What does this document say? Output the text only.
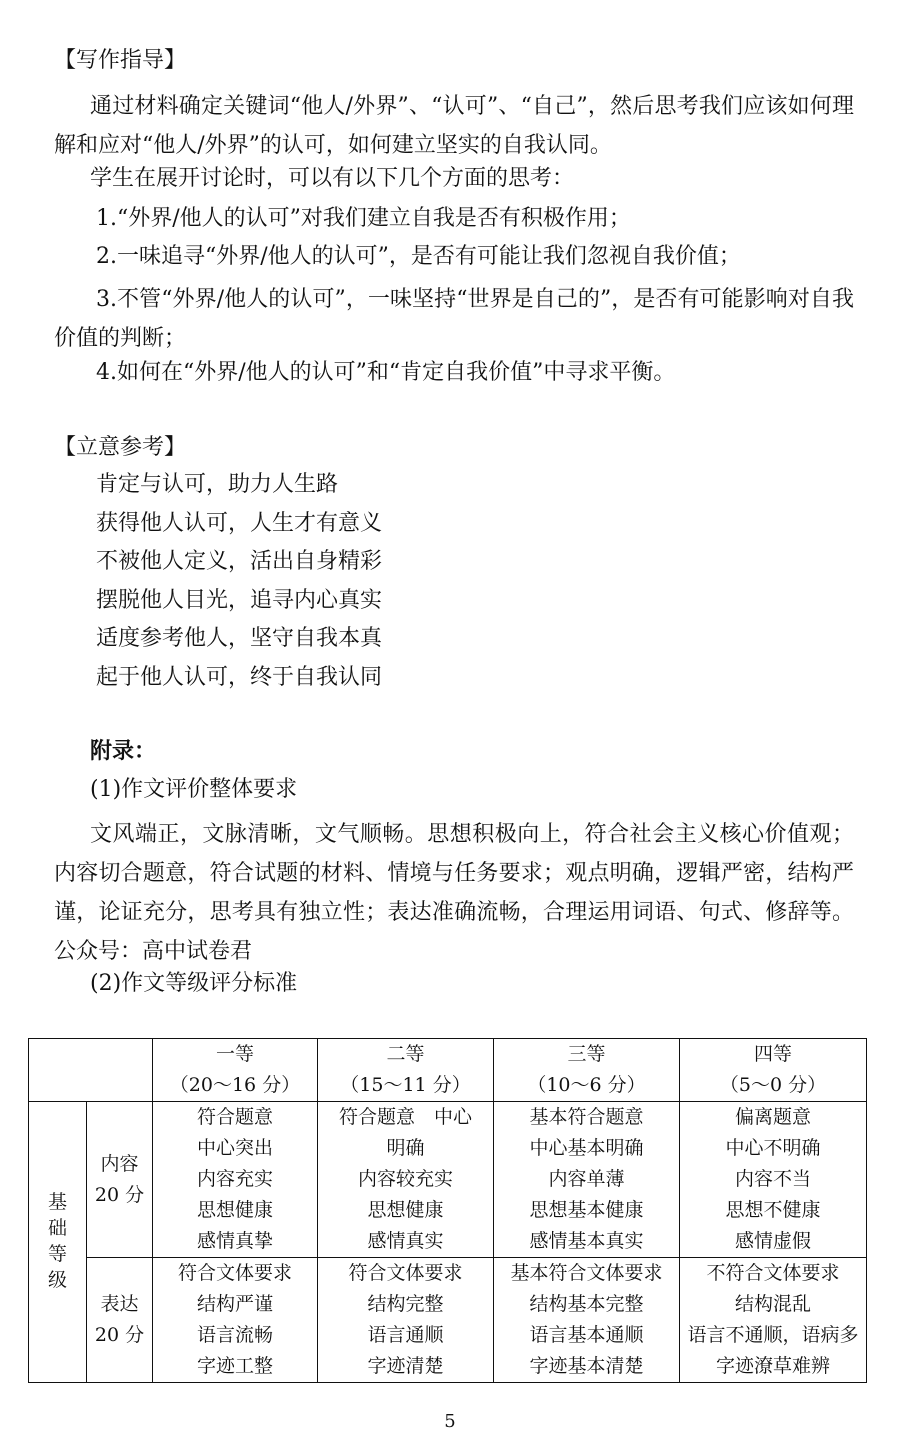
【写作指导】
通过材料确定关键词“他人/外界”、“认可”、“自己”，然后思考我们应该如何理解和应对“他人/外界”的认可，如何建立坚实的自我认同。
学生在展开讨论时，可以有以下几个方面的思考：
1.“外界/他人的认可”对我们建立自我是否有积极作用；
2.一味追寻“外界/他人的认可”，是否有可能让我们忽视自我价值；
3.不管“外界/他人的认可”，一味坚持“世界是自己的”，是否有可能影响对自我价值的判断；
4.如何在“外界/他人的认可”和“肯定自我价值”中寻求平衡。
【立意参考】
肯定与认可，助力人生路
获得他人认可，人生才有意义
不被他人定义，活出自身精彩
摆脱他人目光，追寻内心真实
适度参考他人，坚守自我本真
起于他人认可，终于自我认同
附录：
(1)作文评价整体要求
文风端正，文脉清晰，文气顺畅。思想积极向上，符合社会主义核心价值观；内容切合题意，符合试题的材料、情境与任务要求；观点明确，逻辑严密，结构严谨，论证充分，思考具有独立性；表达准确流畅，合理运用词语、句式、修辞等。公众号：高中试卷君
(2)作文等级评分标准

		一等
（20～16 分）	二等
（15～11 分）	三等
（10～6 分）	四等
（5～0 分）

基础等级	内容
20 分	符合题意
中心突出
内容充实
思想健康
感情真挚	符合题意　中心
明确
内容较充实
思想健康
感情真实	基本符合题意
中心基本明确
内容单薄
思想基本健康
感情基本真实	偏离题意
中心不明确
内容不当
思想不健康
感情虚假

	表达
20 分	符合文体要求
结构严谨
语言流畅
字迹工整	符合文体要求
结构完整
语言通顺
字迹清楚	基本符合文体要求
结构基本完整
语言基本通顺
字迹基本清楚	不符合文体要求
结构混乱
语言不通顺，语病多
字迹潦草难辨
5
